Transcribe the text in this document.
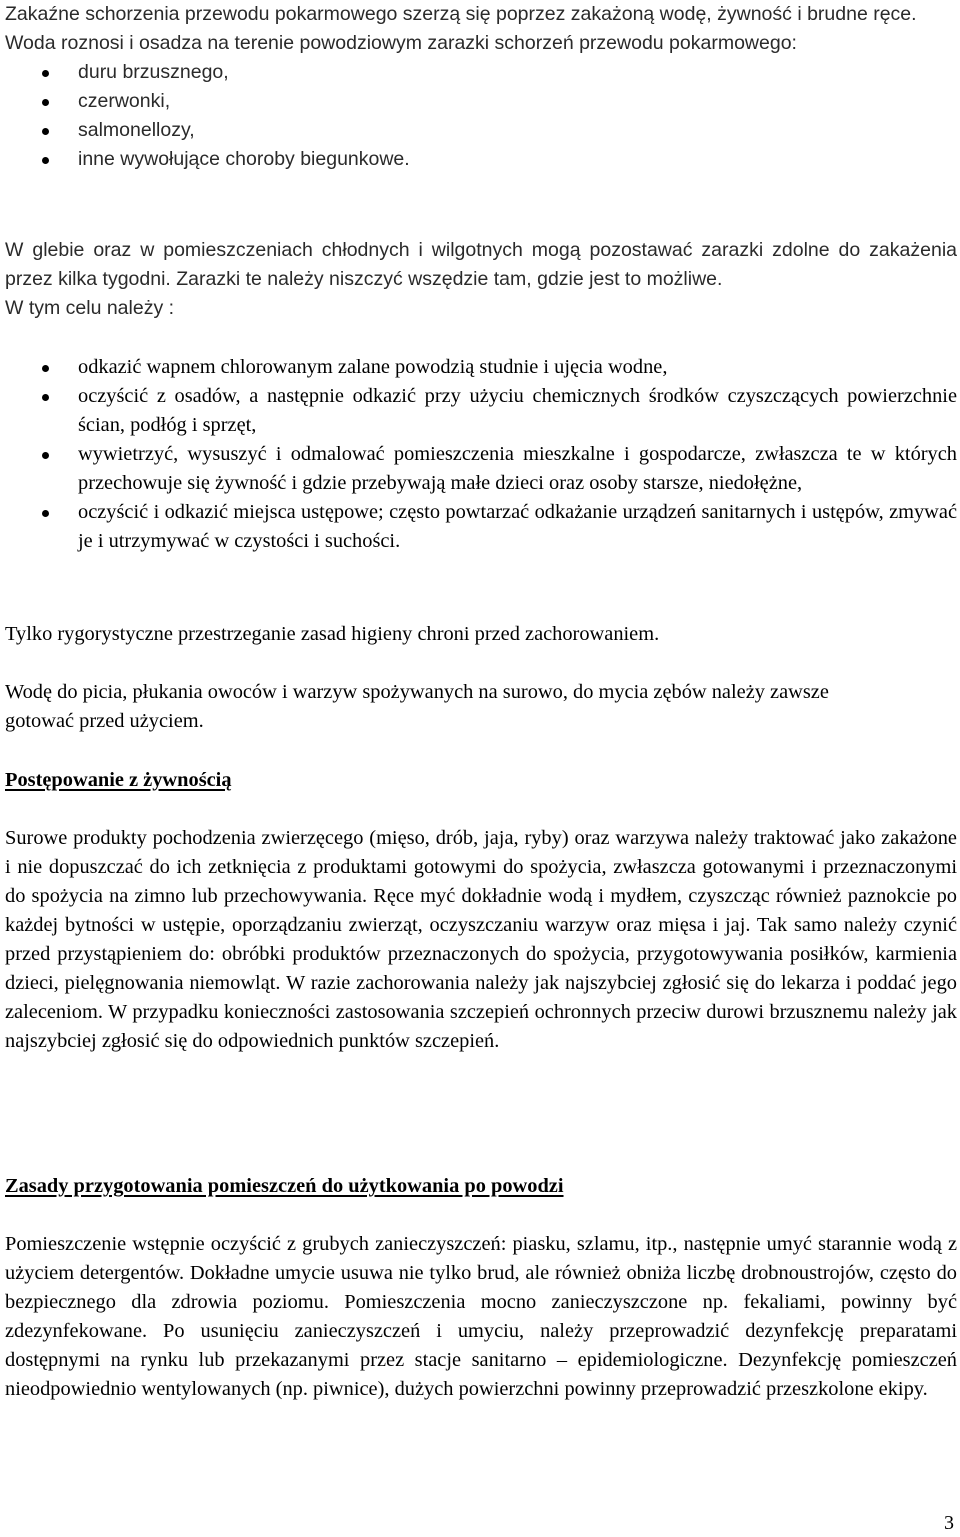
Zakaźne schorzenia przewodu pokarmowego szerzą się poprzez zakażoną wodę, żywność i brudne ręce. Woda roznosi i osadza na terenie powodziowym zarazki schorzeń przewodu pokarmowego:

duru brzusznego,
czerwonki,
salmonellozy,
inne wywołujące choroby biegunkowe.

W glebie oraz w pomieszczeniach chłodnych i wilgotnych mogą pozostawać zarazki zdolne do zakażenia przez kilka tygodni. Zarazki te należy niszczyć wszędzie tam, gdzie jest to możliwe.

W tym celu należy :

odkazić wapnem chlorowanym zalane powodzią studnie i ujęcia wodne,
oczyścić z osadów, a następnie odkazić przy użyciu chemicznych środków czyszczących powierzchnie ścian, podłóg i sprzęt,
wywietrzyć, wysuszyć i odmalować pomieszczenia mieszkalne i gospodarcze, zwłaszcza te w których przechowuje się żywność i gdzie przebywają małe dzieci oraz osoby starsze, niedołężne,
oczyścić i odkazić miejsca ustępowe; często powtarzać odkażanie urządzeń sanitarnych i ustępów, zmywać je i utrzymywać w czystości i suchości.

Tylko rygorystyczne przestrzeganie zasad higieny chroni przed zachorowaniem.

Wodę do picia, płukania owoców i warzyw spożywanych na surowo, do mycia zębów należy zawsze gotować przed użyciem.

Postępowanie z żywnością

Surowe produkty pochodzenia zwierzęcego (mięso, drób, jaja, ryby) oraz warzywa należy traktować jako zakażone i nie dopuszczać do ich zetknięcia z produktami gotowymi do spożycia, zwłaszcza gotowanymi i przeznaczonymi do spożycia na zimno lub przechowywania. Ręce myć dokładnie wodą i mydłem, czyszcząc również paznokcie po każdej bytności w ustępie, oporządzaniu zwierząt, oczyszczaniu warzyw oraz mięsa i jaj. Tak samo należy czynić przed przystąpieniem do: obróbki produktów przeznaczonych do spożycia, przygotowywania posiłków, karmienia dzieci, pielęgnowania niemowląt. W razie zachorowania należy jak najszybciej zgłosić się do lekarza i poddać jego zaleceniom. W przypadku konieczności zastosowania szczepień ochronnych przeciw durowi brzusznemu należy jak najszybciej zgłosić się do odpowiednich punktów szczepień.

Zasady przygotowania pomieszczeń do użytkowania po powodzi

Pomieszczenie wstępnie oczyścić z grubych zanieczyszczeń: piasku, szlamu, itp., następnie umyć starannie wodą z użyciem detergentów. Dokładne umycie usuwa nie tylko brud, ale również obniża liczbę drobnoustrojów, często do bezpiecznego dla zdrowia poziomu. Pomieszczenia mocno zanieczyszczone np. fekaliami, powinny być zdezynfekowane. Po usunięciu zanieczyszczeń i umyciu, należy przeprowadzić dezynfekcję preparatami dostępnymi na rynku lub przekazanymi przez stacje sanitarno – epidemiologiczne. Dezynfekcję pomieszczeń nieodpowiednio wentylowanych (np. piwnice), dużych powierzchni powinny przeprowadzić przeszkolone ekipy.

3
